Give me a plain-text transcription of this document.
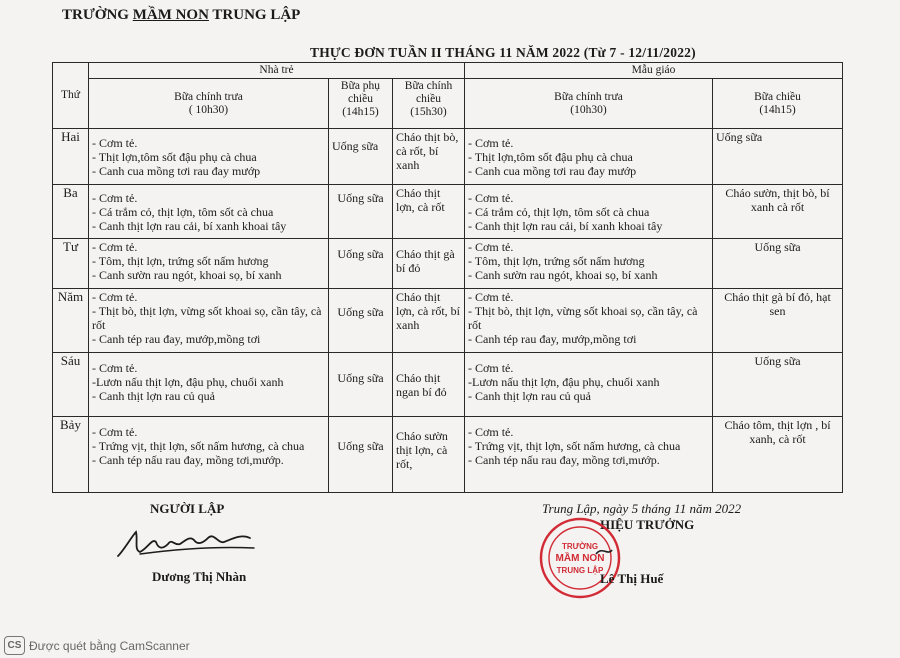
TRƯỜNG MẦM NON TRUNG LẬP
THỰC ĐƠN TUẦN II THÁNG 11 NĂM 2022 (Từ 7 - 12/11/2022)
Thứ	Nhà trẻ			Mẫu giáo	

	Bữa chính trưa
( 10h30)	Bữa phụ
chiều
(14h15)	Bữa chính
chiều
(15h30)	Bữa chính trưa
(10h30)	Bữa chiều
(14h15)

Hai	- Cơm tẻ.
- Thịt lợn,tôm sốt đậu phụ cà chua
- Canh cua mồng tơi rau đay mướp	Uống sữa	Cháo thịt bò, cà rốt, bí xanh	- Cơm tẻ.
- Thịt lợn,tôm sốt đậu phụ cà chua
- Canh cua mồng tơi rau đay mướp	Uống sữa
Ba	- Cơm tẻ.
- Cá trắm cỏ, thịt lợn, tôm sốt cà chua
- Canh thịt lợn rau cải, bí xanh khoai tây	Uống sữa	Cháo thịt lợn, cà rốt	- Cơm tẻ.
- Cá trắm cỏ, thịt lợn, tôm sốt cà chua
- Canh thịt lợn rau cải, bí xanh khoai tây	Cháo sườn, thịt bò, bí xanh cà rốt
Tư	- Cơm tẻ.
- Tôm, thịt lợn, trứng sốt nấm hương
- Canh sườn rau ngót, khoai sọ, bí xanh	Uống sữa	Cháo thịt gà bí đỏ	- Cơm tẻ.
- Tôm, thịt lợn, trứng sốt nấm hương
- Canh sườn rau ngót, khoai sọ, bí xanh	Uống sữa
Năm	- Cơm tẻ.
- Thịt bò, thịt lợn, vừng sốt khoai sọ, cần tây, cà rốt
- Canh tép rau đay, mướp,mồng tơi	Uống sữa	Cháo thịt lợn, cà rốt, bí xanh	- Cơm tẻ.
- Thịt bò, thịt lợn, vừng sốt khoai sọ, cần tây, cà rốt
- Canh tép rau đay, mướp,mồng tơi	Cháo thịt gà bí đỏ, hạt sen
Sáu	- Cơm tẻ.
-Lươn nấu thịt lợn, đậu phụ, chuối xanh
- Canh thịt lợn rau củ quả	Uống sữa	Cháo thịt ngan bí đỏ	- Cơm tẻ.
-Lươn nấu thịt lợn, đậu phụ, chuối xanh
- Canh thịt lợn rau củ quả	Uống sữa
Bảy	- Cơm tẻ.
- Trứng vịt, thịt lợn, sốt nấm hương, cà chua
- Canh tép nấu rau đay, mồng tơi,mướp.	Uống sữa	Cháo sườn thịt lợn, cà rốt,	- Cơm tẻ.
- Trứng vịt, thịt lợn, sốt nấm hương, cà chua
- Canh tép nấu rau đay, mồng tơi,mướp.	Cháo tôm, thịt lợn , bí xanh, cà rốt
NGƯỜI LẬP
Dương Thị Nhàn
Trung Lập, ngày 5 tháng 11 năm 2022
HIỆU TRƯỞNG
TRƯỜNG
MẦM NON
TRUNG LẬP
Lê Thị Huế
CS Được quét bằng CamScanner
